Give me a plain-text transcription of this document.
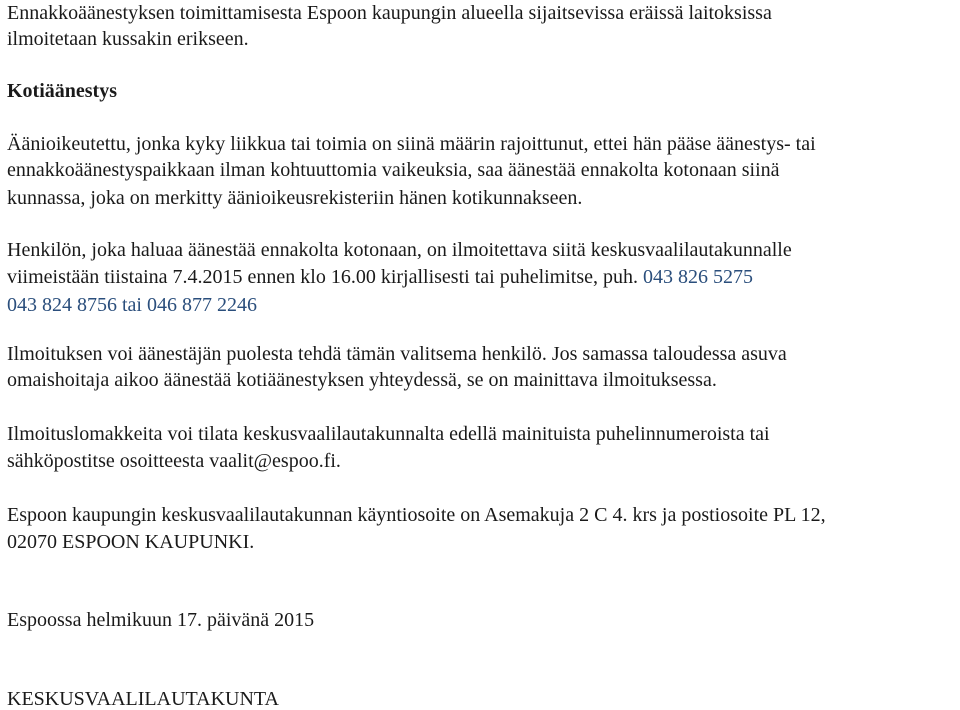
Ennakkoäänestyksen toimittamisesta Espoon kaupungin alueella sijaitsevissa eräissä laitoksissa
ilmoitetaan kussakin erikseen.
Kotiäänestys
Äänioikeutettu, jonka kyky liikkua tai toimia on siinä määrin rajoittunut, ettei hän pääse äänestys- tai
ennakkoäänestyspaikkaan ilman kohtuuttomia vaikeuksia, saa äänestää ennakolta kotonaan siinä
kunnassa, joka on merkitty äänioikeusrekisteriin hänen kotikunnakseen.
Henkilön, joka haluaa äänestää ennakolta kotonaan, on ilmoitettava siitä keskusvaalilautakunnalle
viimeistään tiistaina 7.4.2015 ennen klo 16.00 kirjallisesti tai puhelimitse, puh. 043 826 5275
043 824 8756 tai 046 877 2246
Ilmoituksen voi äänestäjän puolesta tehdä tämän valitsema henkilö. Jos samassa taloudessa asuva
omaishoitaja aikoo äänestää kotiäänestyksen yhteydessä, se on mainittava ilmoituksessa.
Ilmoituslomakkeita voi tilata keskusvaalilautakunnalta edellä mainituista puhelinnumeroista tai
sähköpostitse osoitteesta vaalit@espoo.fi.
Espoon kaupungin keskusvaalilautakunnan käyntiosoite on Asemakuja 2 C 4. krs ja postiosoite PL 12,
02070 ESPOON KAUPUNKI.
Espoossa helmikuun 17. päivänä 2015
KESKUSVAALILAUTAKUNTA
